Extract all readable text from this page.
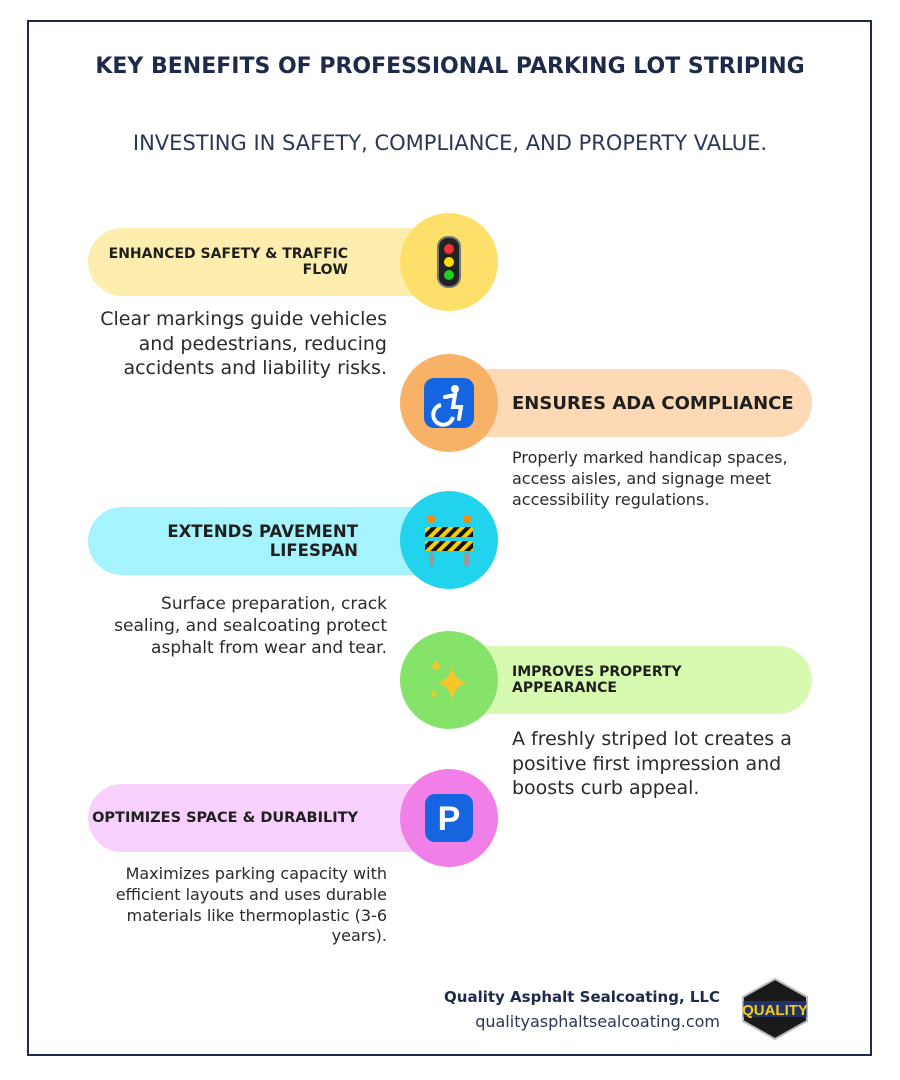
KEY BENEFITS OF PROFESSIONAL PARKING LOT STRIPING
INVESTING IN SAFETY, COMPLIANCE, AND PROPERTY VALUE.
ENHANCED SAFETY & TRAFFIC FLOW
Clear markings guide vehicles and pedestrians, reducing accidents and liability risks.
ENSURES ADA COMPLIANCE
Properly marked handicap spaces, access aisles, and signage meet accessibility regulations.
EXTENDS PAVEMENT LIFESPAN
Surface preparation, crack sealing, and sealcoating protect asphalt from wear and tear.
IMPROVES PROPERTY APPEARANCE
A freshly striped lot creates a positive first impression and boosts curb appeal.
OPTIMIZES SPACE & DURABILITY P
Maximizes parking capacity with efficient layouts and uses durable materials like thermoplastic (3-6 years).
Quality Asphalt Sealcoating, LLC
qualityasphaltsealcoating.com
QUALITY
